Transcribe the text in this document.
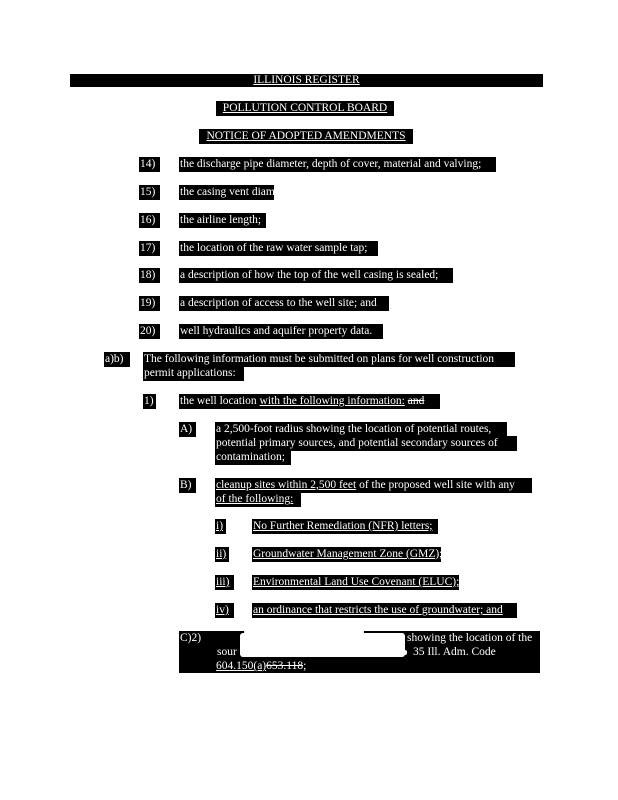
ILLINOIS REGISTER
POLLUTION CONTROL BOARD
NOTICE OF ADOPTED AMENDMENTS
14)	the discharge pipe diameter, depth of cover, material and valving;
15)	the casing vent diameter;
16)	the airline length;
17)	the location of the raw water sample tap;
18)	a description of how the top of the well casing is sealed;
19)	a description of access to the well site; and
20)	well hydraulics and aquifer property data.
a)b)	The following information must be submitted on plans for well construction
permit applications:
1) the well location with the following information: and
A)	a 2,500-foot radius showing the location of potential routes,
potential primary sources, and potential secondary sources of
contamination;
B)	cleanup sites within 2,500 feet of the proposed well site with any
of the following:
i)	No Further Remediation (NFR) letters;
ii) Groundwater Management Zone (GMZ);
iii)	Environmental Land Use Covenant (ELUC); or
iv)	an ordinance that restricts the use of groundwater; and
C)2)	showing the location of the
sour	35 Ill. Adm. Code
604.150(a)653.118;
